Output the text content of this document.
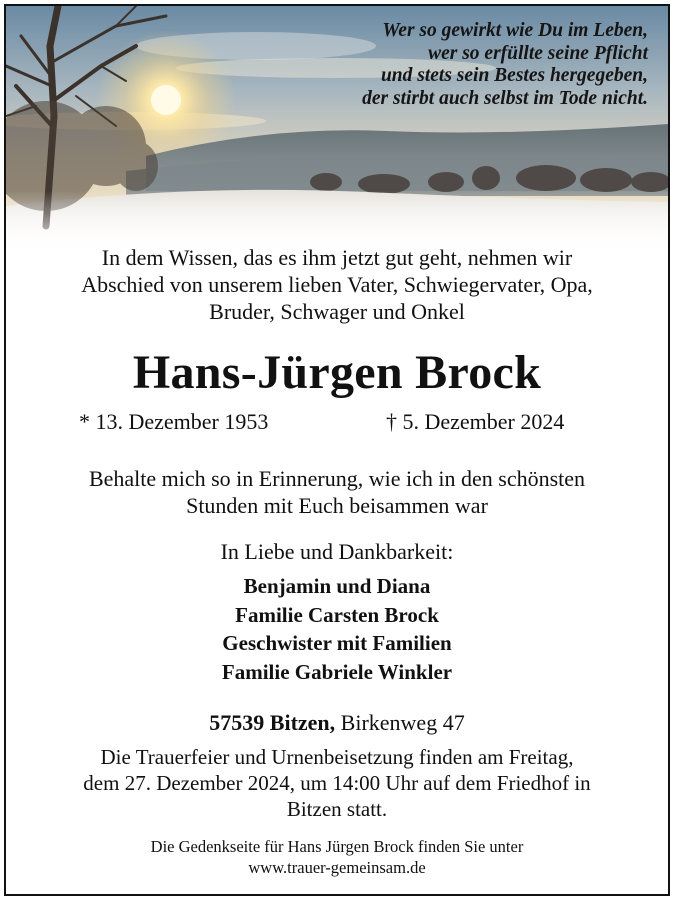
Wer so gewirkt wie Du im Leben,
wer so erfüllte seine Pflicht
und stets sein Bestes hergegeben,
der stirbt auch selbst im Tode nicht.
In dem Wissen, das es ihm jetzt gut geht, nehmen wir
Abschied von unserem lieben Vater, Schwiegervater, Opa,
Bruder, Schwager und Onkel
Hans-Jürgen Brock
* 13. Dezember 1953	† 5. Dezember 2024
Behalte mich so in Erinnerung, wie ich in den schönsten
Stunden mit Euch beisammen war
In Liebe und Dankbarkeit:
Benjamin und Diana
Familie Carsten Brock
Geschwister mit Familien
Familie Gabriele Winkler
57539 Bitzen, Birkenweg 47
Die Trauerfeier und Urnenbeisetzung finden am Freitag,
dem 27. Dezember 2024, um 14:00 Uhr auf dem Friedhof in
Bitzen statt.
Die Gedenkseite für Hans Jürgen Brock finden Sie unter
www.trauer-gemeinsam.de
